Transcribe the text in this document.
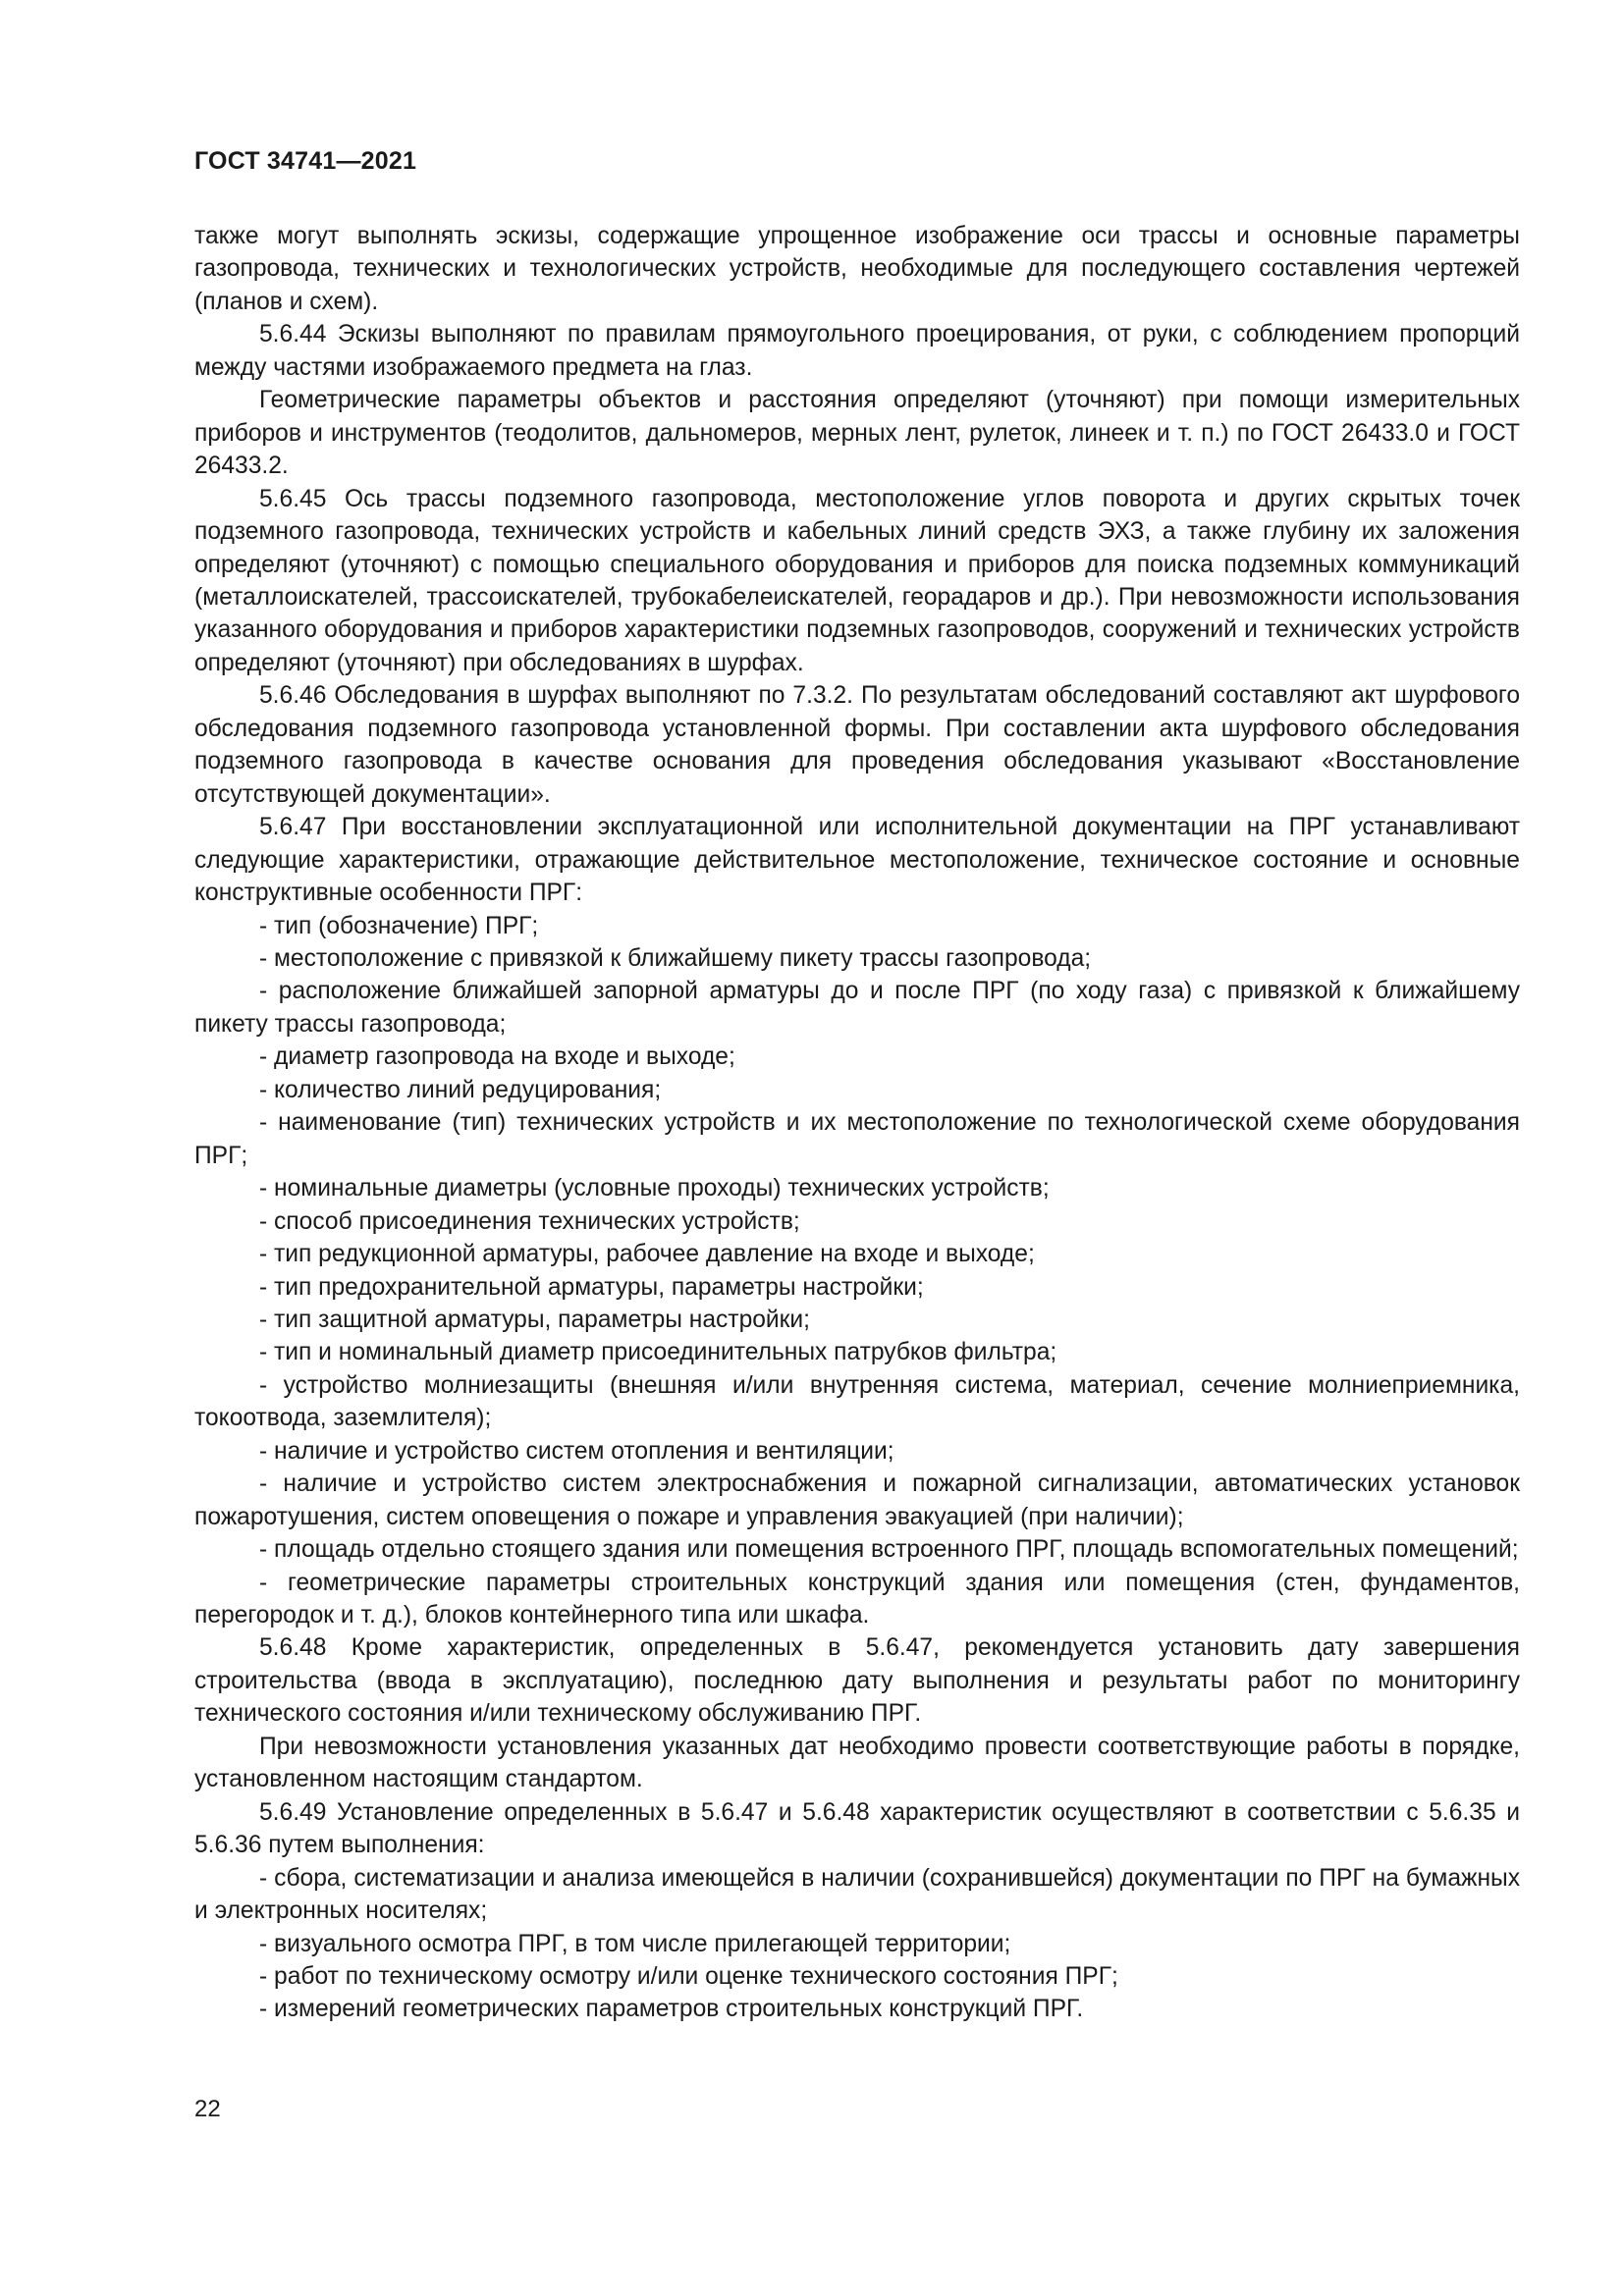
ГОСТ 34741—2021

также могут выполнять эскизы, содержащие упрощенное изображение оси трассы и основные параметры газопровода, технических и технологических устройств, необходимые для последующего составления чертежей (планов и схем).

5.6.44 Эскизы выполняют по правилам прямоугольного проецирования, от руки, с соблюдением пропорций между частями изображаемого предмета на глаз.

Геометрические параметры объектов и расстояния определяют (уточняют) при помощи измерительных приборов и инструментов (теодолитов, дальномеров, мерных лент, рулеток, линеек и т. п.) по ГОСТ 26433.0 и ГОСТ 26433.2.

5.6.45 Ось трассы подземного газопровода, местоположение углов поворота и других скрытых точек подземного газопровода, технических устройств и кабельных линий средств ЭХЗ, а также глубину их заложения определяют (уточняют) с помощью специального оборудования и приборов для поиска подземных коммуникаций (металлоискателей, трассоискателей, трубокабелеискателей, георадаров и др.). При невозможности использования указанного оборудования и приборов характеристики подземных газопроводов, сооружений и технических устройств определяют (уточняют) при обследованиях в шурфах.

5.6.46 Обследования в шурфах выполняют по 7.3.2. По результатам обследований составляют акт шурфового обследования подземного газопровода установленной формы. При составлении акта шурфового обследования подземного газопровода в качестве основания для проведения обследования указывают «Восстановление отсутствующей документации».

5.6.47 При восстановлении эксплуатационной или исполнительной документации на ПРГ устанавливают следующие характеристики, отражающие действительное местоположение, техническое состояние и основные конструктивные особенности ПРГ:

- тип (обозначение) ПРГ;

- местоположение с привязкой к ближайшему пикету трассы газопровода;

- расположение ближайшей запорной арматуры до и после ПРГ (по ходу газа) с привязкой к ближайшему пикету трассы газопровода;

- диаметр газопровода на входе и выходе;

- количество линий редуцирования;

- наименование (тип) технических устройств и их местоположение по технологической схеме оборудования ПРГ;

- номинальные диаметры (условные проходы) технических устройств;

- способ присоединения технических устройств;

- тип редукционной арматуры, рабочее давление на входе и выходе;

- тип предохранительной арматуры, параметры настройки;

- тип защитной арматуры, параметры настройки;

- тип и номинальный диаметр присоединительных патрубков фильтра;

- устройство молниезащиты (внешняя и/или внутренняя система, материал, сечение молниеприемника, токоотвода, заземлителя);

- наличие и устройство систем отопления и вентиляции;

- наличие и устройство систем электроснабжения и пожарной сигнализации, автоматических установок пожаротушения, систем оповещения о пожаре и управления эвакуацией (при наличии);

- площадь отдельно стоящего здания или помещения встроенного ПРГ, площадь вспомогательных помещений;

- геометрические параметры строительных конструкций здания или помещения (стен, фундаментов, перегородок и т. д.), блоков контейнерного типа или шкафа.

5.6.48 Кроме характеристик, определенных в 5.6.47, рекомендуется установить дату завершения строительства (ввода в эксплуатацию), последнюю дату выполнения и результаты работ по мониторингу технического состояния и/или техническому обслуживанию ПРГ.

При невозможности установления указанных дат необходимо провести соответствующие работы в порядке, установленном настоящим стандартом.

5.6.49 Установление определенных в 5.6.47 и 5.6.48 характеристик осуществляют в соответствии с 5.6.35 и 5.6.36 путем выполнения:

- сбора, систематизации и анализа имеющейся в наличии (сохранившейся) документации по ПРГ на бумажных и электронных носителях;

- визуального осмотра ПРГ, в том числе прилегающей территории;

- работ по техническому осмотру и/или оценке технического состояния ПРГ;

- измерений геометрических параметров строительных конструкций ПРГ.

22
